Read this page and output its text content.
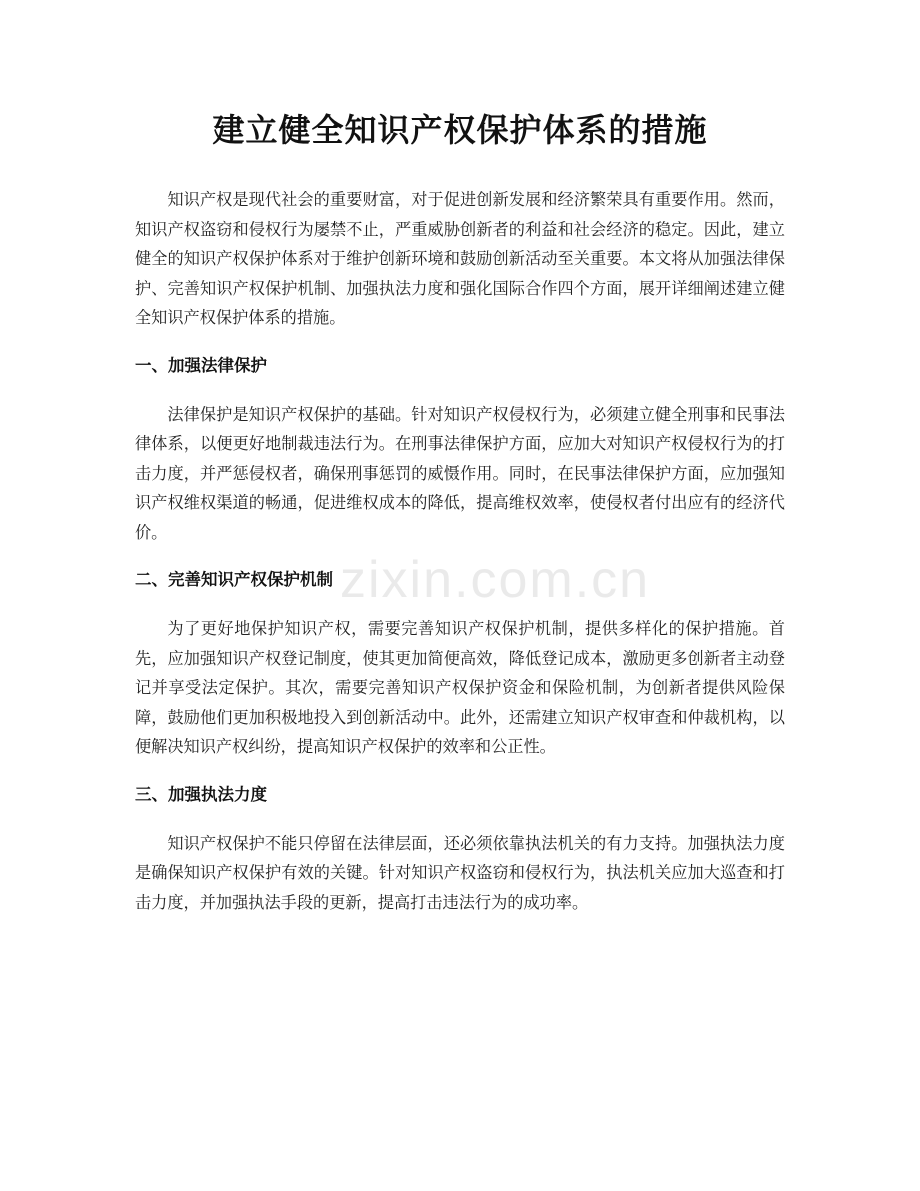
建立健全知识产权保护体系的措施

知识产权是现代社会的重要财富，对于促进创新发展和经济繁荣具有重要作用。然而，知识产权盗窃和侵权行为屡禁不止，严重威胁创新者的利益和社会经济的稳定。因此，建立健全的知识产权保护体系对于维护创新环境和鼓励创新活动至关重要。本文将从加强法律保护、完善知识产权保护机制、加强执法力度和强化国际合作四个方面，展开详细阐述建立健全知识产权保护体系的措施。

一、加强法律保护

法律保护是知识产权保护的基础。针对知识产权侵权行为，必须建立健全刑事和民事法律体系，以便更好地制裁违法行为。在刑事法律保护方面，应加大对知识产权侵权行为的打击力度，并严惩侵权者，确保刑事惩罚的威慑作用。同时，在民事法律保护方面，应加强知识产权维权渠道的畅通，促进维权成本的降低，提高维权效率，使侵权者付出应有的经济代价。

二、完善知识产权保护机制

为了更好地保护知识产权，需要完善知识产权保护机制，提供多样化的保护措施。首先，应加强知识产权登记制度，使其更加简便高效，降低登记成本，激励更多创新者主动登记并享受法定保护。其次，需要完善知识产权保护资金和保险机制，为创新者提供风险保障，鼓励他们更加积极地投入到创新活动中。此外，还需建立知识产权审查和仲裁机构，以便解决知识产权纠纷，提高知识产权保护的效率和公正性。

三、加强执法力度

知识产权保护不能只停留在法律层面，还必须依靠执法机关的有力支持。加强执法力度是确保知识产权保护有效的关键。针对知识产权盗窃和侵权行为，执法机关应加大巡查和打击力度，并加强执法手段的更新，提高打击违法行为的成功率。

zixin.com.cn
